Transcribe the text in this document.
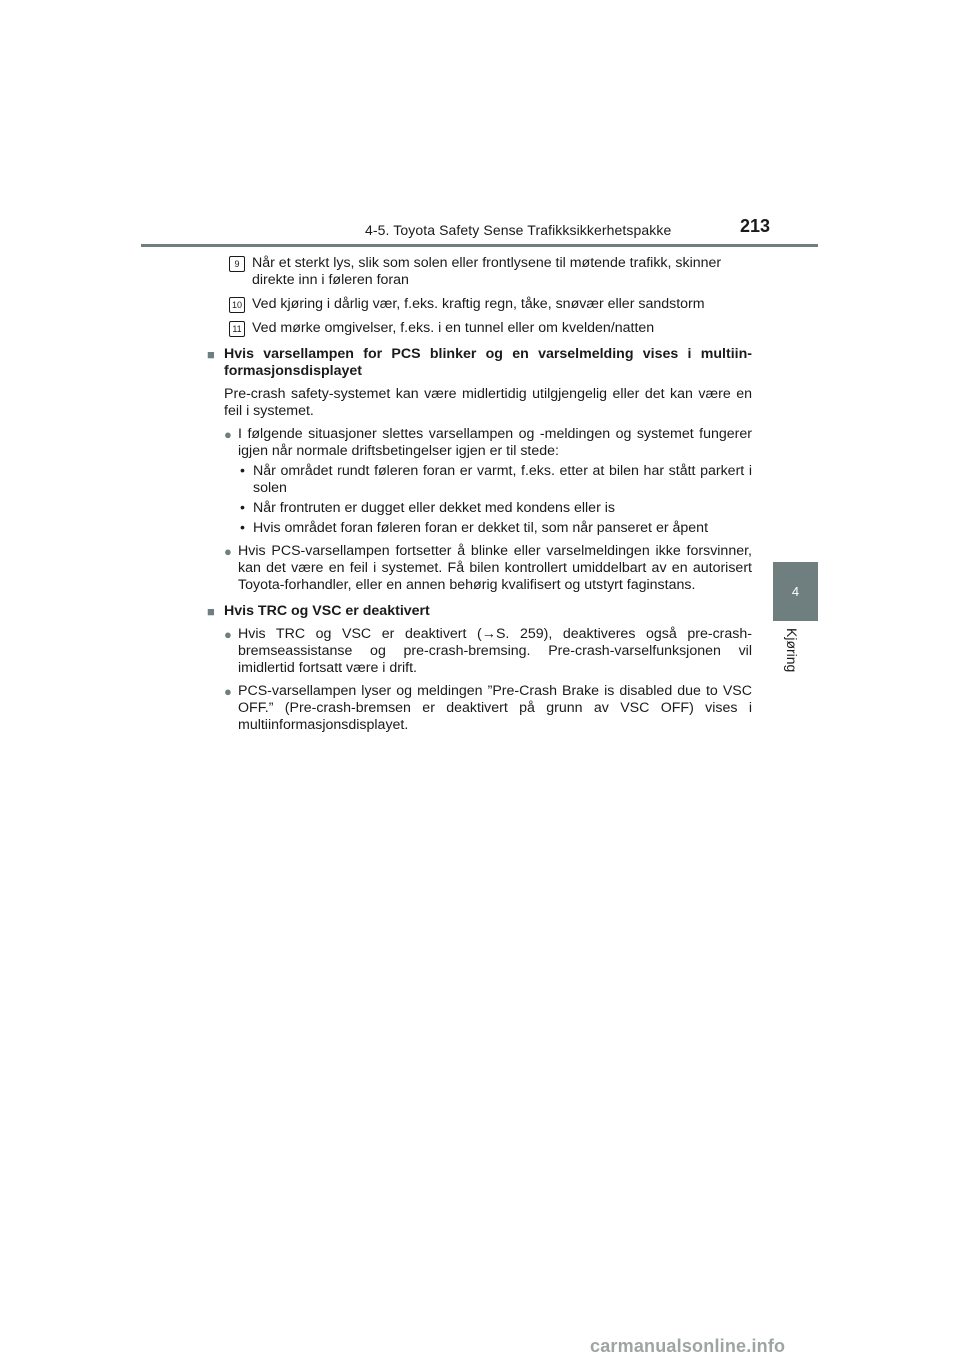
4-5. Toyota Safety Sense Trafikksikkerhetspakke	213
4
Kjøring
9 Når et sterkt lys, slik som solen eller frontlysene til møtende trafikk, skinner direkte inn i føleren foran
10 Ved kjøring i dårlig vær, f.eks. kraftig regn, tåke, snøvær eller sandstorm
11 Ved mørke omgivelser, f.eks. i en tunnel eller om kvelden/natten
■ Hvis varsellampen for PCS blinker og en varselmelding vises i multiin-formasjonsdisplayet
Pre-crash safety-systemet kan være midlertidig utilgjengelig eller det kan være en feil i systemet.
● I følgende situasjoner slettes varsellampen og -meldingen og systemet fungerer igjen når normale driftsbetingelser igjen er til stede:
• Når området rundt føleren foran er varmt, f.eks. etter at bilen har stått parkert i solen
• Når frontruten er dugget eller dekket med kondens eller is
• Hvis området foran føleren foran er dekket til, som når panseret er åpent
● Hvis PCS-varsellampen fortsetter å blinke eller varselmeldingen ikke forsvinner, kan det være en feil i systemet. Få bilen kontrollert umiddelbart av en autorisert Toyota-forhandler, eller en annen behørig kvalifisert og utstyrt faginstans.
■ Hvis TRC og VSC er deaktivert
● Hvis TRC og VSC er deaktivert (→S. 259), deaktiveres også pre-crash-bremseassistanse og pre-crash-bremsing. Pre-crash-varselfunksjonen vil imidlertid fortsatt være i drift.
● PCS-varsellampen lyser og meldingen ”Pre-Crash Brake is disabled due to VSC OFF.” (Pre-crash-bremsen er deaktivert på grunn av VSC OFF) vises i multiinformasjonsdisplayet.
carmanualsonline.info
